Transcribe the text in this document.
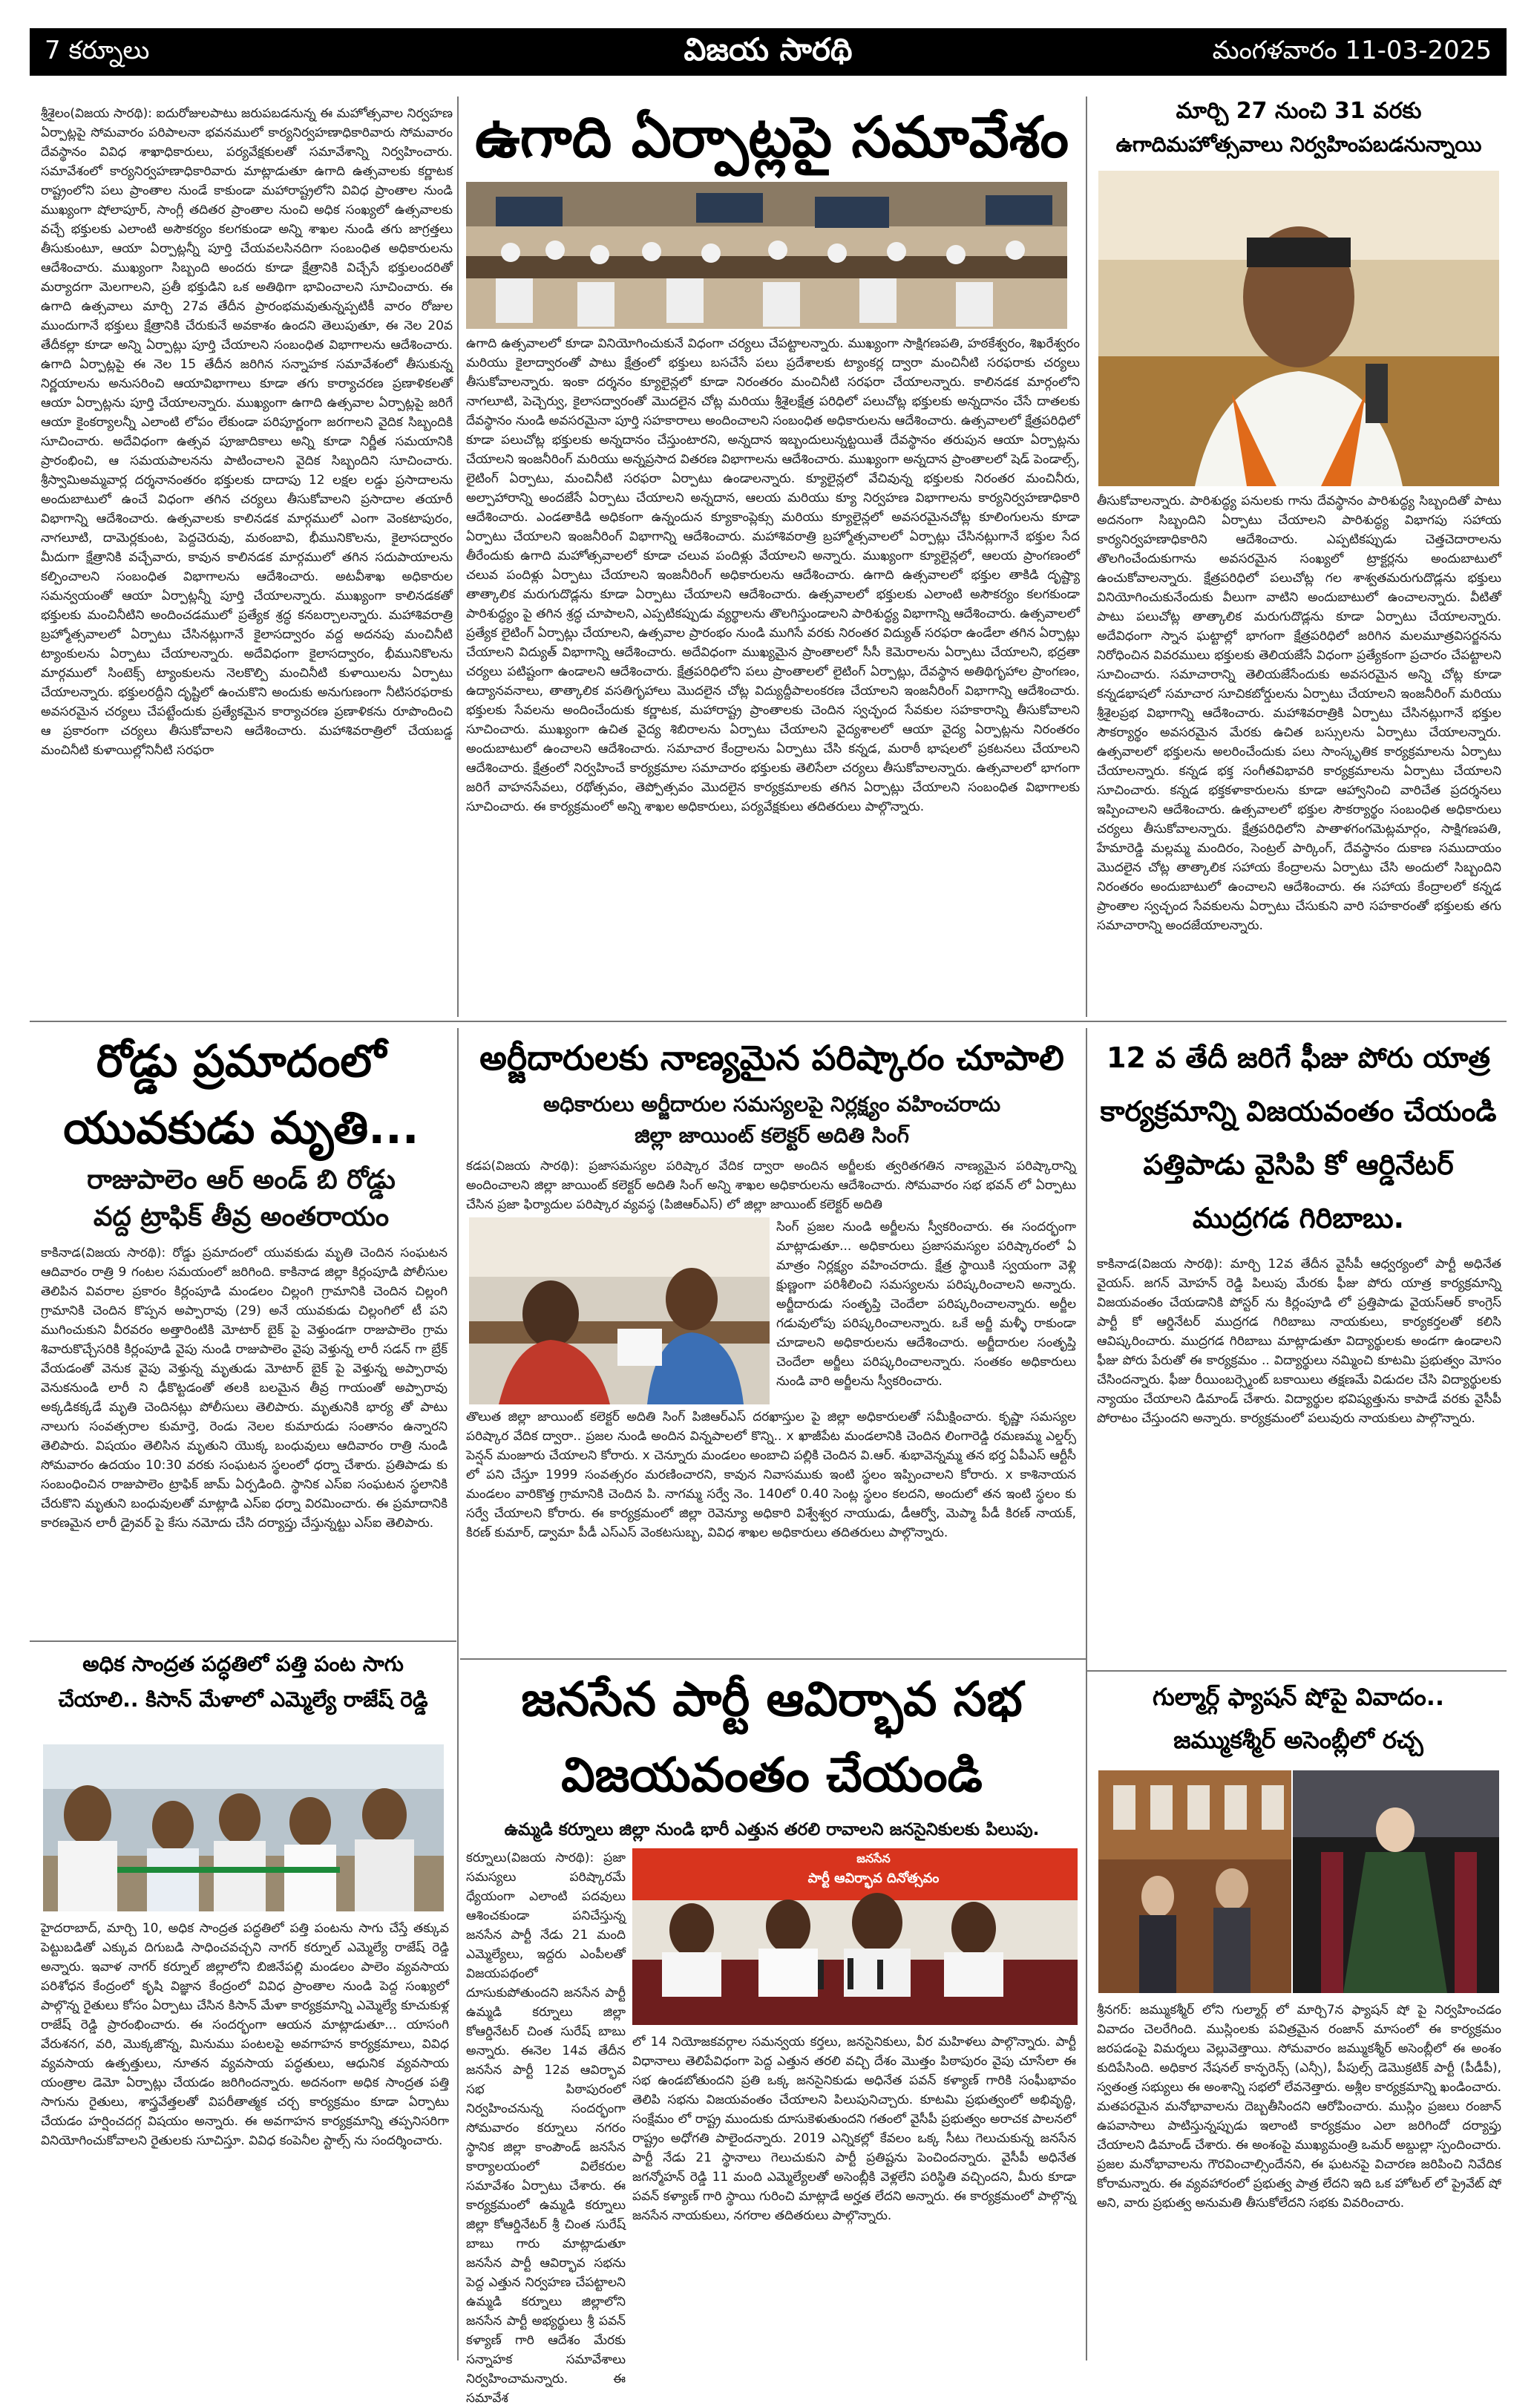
7 కర్నూలు	విజయ సారథి	మంగళవారం 11-03-2025
శ్రీశైలం(విజయ సారథి): ఐదురోజులపాటు జరుపబడనున్న ఈ మహోత్సవాల నిర్వహణ ఏర్పాట్లపై సోమవారం పరిపాలనా భవనములో కార్యనిర్వహణాధికారివారు సోమవారం దేవస్థానం వివిధ శాఖాధికారులు, పర్యవేక్షకులతో సమావేశాన్ని నిర్వహించారు. సమావేశంలో కార్యనిర్వహణాధికారివారు మాట్లాడుతూ ఉగాది ఉత్సవాలకు కర్ణాటక రాష్ట్రంలోని పలు ప్రాంతాల నుండే కాకుండా మహారాష్ట్రలోని వివిధ ప్రాంతాల నుండి ముఖ్యంగా షోలాపూర్, సాంగ్లీ తదితర ప్రాంతాల నుంచి అధిక సంఖ్యలో ఉత్సవాలకు వచ్చే భక్తులకు ఎలాంటి అసౌకర్యం కలగకుండా అన్ని శాఖల నుండి తగు జాగ్రత్తలు తీసుకుంటూ, ఆయా ఏర్పాట్లన్నీ పూర్తి చేయవలసినదిగా సంబంధిత అధికారులను ఆదేశించారు. ముఖ్యంగా సిబ్బంది అందరు కూడా క్షేత్రానికి విచ్చేసే భక్తులందరితో మర్యాదగా మెలగాలని, ప్రతీ భక్తుడిని ఒక అతిథిగా భావించాలని సూచించారు. ఈ ఉగాది ఉత్సవాలు మార్చి 27వ తేదీన ప్రారంభమవుతున్నప్పటికీ వారం రోజుల ముందుగానే భక్తులు క్షేత్రానికి చేరుకునే అవకాశం ఉందని తెలుపుతూ, ఈ నెల 20వ తేదీకల్లా కూడా అన్ని ఏర్పాట్లు పూర్తి చేయాలని సంబంధిత విభాగాలను ఆదేశించారు. ఉగాది ఏర్పాట్లపై ఈ నెల 15 తేదీన జరిగిన సన్నాహక సమావేశంలో తీసుకున్న నిర్ణయాలను అనుసరించి ఆయావిభాగాలు కూడా తగు కార్యాచరణ ప్రణాళికలతో ఆయా ఏర్పాట్లను పూర్తి చేయాలన్నారు. ముఖ్యంగా ఉగాది ఉత్సవాల ఏర్పాట్లపై జరిగే ఆయా కైంకర్యాలన్నీ ఎలాంటి లోపం లేకుండా పరిపూర్ణంగా జరగాలని వైదిక సిబ్బందికి సూచించారు. అదేవిధంగా ఉత్సవ పూజాదికాలు అన్ని కూడా నిర్ణీత సమయానికి ప్రారంభించి, ఆ సమయపాలనను పాటించాలని వైదిక సిబ్బందిని సూచించారు. శ్రీస్వామిఅమ్మవార్ల దర్శనానంతరం భక్తులకు దాదాపు 12 లక్షల లడ్డు ప్రసాదాలను అందుబాటులో ఉంచే విధంగా తగిన చర్యలు తీసుకోవాలని ప్రసాదాల తయారీ విభాగాన్ని ఆదేశించారు. ఉత్సవాలకు కాలినడక మార్గములో ఎంగా వెంకటాపురం, నాగలూటి, దామెర్లకుంట, పెద్దచెరువు, మఠంబావి, భీమునికొలను, కైలాసద్వారం మీదుగా క్షేత్రానికి వచ్చేవారు, కావున కాలినడక మార్గములో తగిన సదుపాయాలను కల్పించాలని సంబంధిత విభాగాలను ఆదేశించారు. అటవీశాఖ అధికారుల సమన్వయంతో ఆయా ఏర్పాట్లన్నీ పూర్తి చేయాలన్నారు. ముఖ్యంగా కాలినడకతో భక్తులకు మంచినీటిని అందించడములో ప్రత్యేక శ్రద్ధ కనబర్చాలన్నారు. మహాశివరాత్రి బ్రహ్మోత్సవాలలో ఏర్పాటు చేసినట్లుగానే కైలాసద్వారం వద్ద అదనపు మంచినీటి ట్యాంకులను ఏర్పాటు చేయాలన్నారు. అదేవిధంగా కైలాసద్వారం, భీమునికొలను మార్గములో సింటెక్స్ ట్యాంకులను నెలకొల్పి మంచినీటి కుళాయిలను ఏర్పాటు చేయాలన్నారు. భక్తులరద్దీని దృష్టిలో ఉంచుకొని అందుకు అనుగుణంగా నీటిసరఫరాకు అవసరమైన చర్యలు చేపట్టేందుకు ప్రత్యేకమైన కార్యాచరణ ప్రణాళికను రూపొందించి ఆ ప్రకారంగా చర్యలు తీసుకోవాలని ఆదేశించారు. మహాశివరాత్రిలో చేయబడ్డ మంచినీటి కుళాయిల్లోనినీటి సరఫరా
ఉగాది ఏర్పాట్లపై సమావేశం	మార్చి 27 నుంచి 31 వరకు
ఉగాదిమహోత్సవాలు నిర్వహింపబడనున్నాయి
ఉగాది ఉత్సవాలలో కూడా వినియోగించుకునే విధంగా చర్యలు చేపట్టాలన్నారు. ముఖ్యంగా సాక్షిగణపతి, హఠకేశ్వరం, శిఖరేశ్వరం మరియు కైలాద్వారంతో పాటు క్షేత్రంలో భక్తులు బసచేసే పలు ప్రదేశాలకు ట్యాంకర్ల ద్వారా మంచినీటి సరఫరాకు చర్యలు తీసుకోవాలన్నారు. ఇంకా దర్శనం క్యూలైన్లలో కూడా నిరంతరం మంచినీటి సరఫరా చేయాలన్నారు. కాలినడక మార్గంలోని నాగలూటి, పెచ్చెర్వు, కైలాసద్వారంతో మొదలైన చోట్ల మరియు శ్రీశైలక్షేత్ర పరిధిలో పలుచోట్ల భక్తులకు అన్నదానం చేసే దాతలకు దేవస్థానం నుండి అవసరమైనా పూర్తి సహకారాలు అందించాలని సంబంధిత అధికారులను ఆదేశించారు. ఉత్సవాలలో క్షేత్రపరిధిలో కూడా పలుచోట్ల భక్తులకు అన్నదానం చేస్తుంటారని, అన్నదాన ఇబ్బందులున్నట్టయితే దేవస్థానం తరుపున ఆయా ఏర్పాట్లను చేయాలని ఇంజనీరింగ్ మరియు అన్నప్రసాద వితరణ విభాగాలను ఆదేశించారు. ముఖ్యంగా అన్నదాన ప్రాంతాలలో షెడ్ పెండాల్స్, లైటింగ్ ఏర్పాటు, మంచినీటి సరఫరా ఏర్పాటు ఉండాలన్నారు. క్యూలైన్లలో వేచివున్న భక్తులకు నిరంతర మంచినీరు, అల్పాహారాన్ని అందజేసే ఏర్పాటు చేయాలని అన్నదాన, ఆలయ మరియు క్యూ నిర్వహణ విభాగాలను కార్యనిర్వహణాధికారి ఆదేశించారు. ఎండతాకిడి అధికంగా ఉన్నందున క్యూకాంప్లెక్సు మరియు క్యూలైన్లలో అవసరమైనచోట్ల కూలింగులను కూడా ఏర్పాటు చేయాలని ఇంజనీరింగ్ విభాగాన్ని ఆదేశించారు. మహాశివరాత్రి బ్రహ్మోత్సవాలలో ఏర్పాట్లు చేసినట్లుగానే భక్తుల సేద తీరేందుకు ఉగాది మహోత్సవాలలో కూడా చలువ పందిళ్లు వేయాలని అన్నారు. ముఖ్యంగా క్యూలైన్లలో, ఆలయ ప్రాంగణంలో చలువ పందిళ్లు ఏర్పాటు చేయాలని ఇంజనీరింగ్ అధికారులను ఆదేశించారు. ఉగాది ఉత్సవాలలో భక్తుల తాకిడి దృష్ట్యా తాత్కాలిక మరుగుదొడ్లను కూడా ఏర్పాటు చేయాలని ఆదేశించారు. ఉత్సవాలలో భక్తులకు ఎలాంటి అసౌకర్యం కలగకుండా పారిశుద్ధ్యం పై తగిన శ్రద్ధ చూపాలని, ఎప్పటికప్పుడు వ్యర్థాలను తొలగిస్తుండాలని పారిశుద్ధ్య విభాగాన్ని ఆదేశించారు. ఉత్సవాలలో ప్రత్యేక లైటింగ్ ఏర్పాట్లు చేయాలని, ఉత్సవాల ప్రారంభం నుండి ముగిసే వరకు నిరంతర విద్యుత్ సరఫరా ఉండేలా తగిన ఏర్పాట్లు చేయాలని విద్యుత్ విభాగాన్ని ఆదేశించారు. అదేవిధంగా ముఖ్యమైన ప్రాంతాలలో సీసీ కెమెరాలను ఏర్పాటు చేయాలని, భద్రతా చర్యలు పటిష్టంగా ఉండాలని ఆదేశించారు. క్షేత్రపరిధిలోని పలు ప్రాంతాలలో లైటింగ్ ఏర్పాట్లు, దేవస్థాన అతిథిగృహాల ప్రాంగణం, ఉద్యానవనాలు, తాత్కాలిక వసతిగృహాలు మొదలైన చోట్ల విద్యుద్దీపాలంకరణ చేయాలని ఇంజనీరింగ్ విభాగాన్ని ఆదేశించారు. భక్తులకు సేవలను అందించేందుకు కర్ణాటక, మహారాష్ట్ర ప్రాంతాలకు చెందిన స్వచ్ఛంద సేవకుల సహకారాన్ని తీసుకోవాలని సూచించారు. ముఖ్యంగా ఉచిత వైద్య శిబిరాలను ఏర్పాటు చేయాలని వైద్యశాలలో ఆయా వైద్య ఏర్పాట్లను నిరంతరం అందుబాటులో ఉంచాలని ఆదేశించారు. సమాచార కేంద్రాలను ఏర్పాటు చేసి కన్నడ, మరాఠీ భాషలలో ప్రకటనలు చేయాలని ఆదేశించారు. క్షేత్రంలో నిర్వహించే కార్యక్రమాల సమాచారం భక్తులకు తెలిసేలా చర్యలు తీసుకోవాలన్నారు. ఉత్సవాలలో భాగంగా జరిగే వాహనసేవలు, రథోత్సవం, తెప్పోత్సవం మొదలైన కార్యక్రమాలకు తగిన ఏర్పాట్లు చేయాలని సంబంధిత విభాగాలకు సూచించారు. ఈ కార్యక్రమంలో అన్ని శాఖల అధికారులు, పర్యవేక్షకులు తదితరులు పాల్గొన్నారు.
తీసుకోవాలన్నారు. పారిశుద్ధ్య పనులకు గాను దేవస్థానం పారిశుద్ధ్య సిబ్బందితో పాటు అదనంగా సిబ్బందిని ఏర్పాటు చేయాలని పారిశుద్ధ్య విభాగపు సహాయ కార్యనిర్వహణాధికారిని ఆదేశించారు. ఎప్పటికప్పుడు చెత్తచెదారాలను తొలగించేందుకుగాను అవసరమైన సంఖ్యలో ట్రాక్టర్లను అందుబాటులో ఉంచుకోవాలన్నారు. క్షేత్రపరిధిలో పలుచోట్ల గల శాశ్వతమరుగుదొడ్లను భక్తులు వినియోగించుకునేందుకు వీలుగా వాటిని అందుబాటులో ఉంచాలన్నారు. వీటితో పాటు పలుచోట్ల తాత్కాలిక మరుగుదొడ్లను కూడా ఏర్పాటు చేయాలన్నారు. అదేవిధంగా స్నాన ఘట్టాల్లో భాగంగా క్షేత్రపరిధిలో జరిగిన మలమూత్రవిసర్జనను నిరోధించిన వివరములు భక్తులకు తెలియజేసే విధంగా ప్రత్యేకంగా ప్రచారం చేపట్టాలని సూచించారు. సమాచారాన్ని తెలియజేసేందుకు అవసరమైన అన్ని చోట్ల కూడా కన్నడభాషలో సమాచార సూచికబోర్డులను ఏర్పాటు చేయాలని ఇంజనీరింగ్ మరియు శ్రీశైలప్రభ విభాగాన్ని ఆదేశించారు. మహాశివరాత్రికి ఏర్పాటు చేసినట్లుగానే భక్తుల సౌకర్యార్థం అవసరమైన మేరకు ఉచిత బస్సులను ఏర్పాటు చేయాలన్నారు. ఉత్సవాలలో భక్తులను అలరించేందుకు పలు సాంస్కృతిక కార్యక్రమాలను ఏర్పాటు చేయాలన్నారు. కన్నడ భక్త సంగీతవిభావరి కార్యక్రమాలను ఏర్పాటు చేయాలని సూచించారు. కన్నడ భక్తకళాకారులను కూడా ఆహ్వానించి వారిచేత ప్రదర్శనలు ఇప్పించాలని ఆదేశించారు. ఉత్సవాలలో భక్తుల సౌకర్యార్థం సంబంధిత అధికారులు చర్యలు తీసుకోవాలన్నారు. క్షేత్రపరిధిలోని పాతాళగంగమెట్లమార్గం, సాక్షిగణపతి, హేమారెడ్డి మల్లమ్మ మందిరం, సెంట్రల్ పార్కింగ్, దేవస్థానం దుకాణ సముదాయం మొదలైన చోట్ల తాత్కాలిక సహాయ కేంద్రాలను ఏర్పాటు చేసి అందులో సిబ్బందిని నిరంతరం అందుబాటులో ఉంచాలని ఆదేశించారు. ఈ సహాయ కేంద్రాలలో కన్నడ ప్రాంతాల స్వచ్ఛంద సేవకులను ఏర్పాటు చేసుకుని వారి సహకారంతో భక్తులకు తగు సమాచారాన్ని అందజేయాలన్నారు.
రోడ్డు ప్రమాదంలో
యువకుడు మృతి...
రాజుపాలెం ఆర్ అండ్ బి రోడ్డు
వద్ద ట్రాఫిక్ తీవ్ర అంతరాయం
కాకినాడ(విజయ సారథి): రోడ్డు ప్రమాదంలో యువకుడు మృతి చెందిన సంఘటన ఆదివారం రాత్రి 9 గంటల సమయంలో జరిగింది. కాకినాడ జిల్లా కిర్లంపూడి పోలీసుల తెలిపిన వివరాల ప్రకారం కిర్లంపూడి మండలం చిల్లంగి గ్రామానికి చెందిన చిల్లంగి గ్రామానికి చెందిన కొప్పన అప్పారావు (29) అనే యువకుడు చిల్లంగిలో టీ పని ముగించుకుని వీరవరం అత్తారింటికి మోటార్ బైక్ పై వెళ్తుండగా రాజుపాలెం గ్రామ శివారుకొచ్చేసరికి కిర్లంపూడి వైపు నుండి రాజుపాలెం వైపు వెళ్తున్న లారీ సడన్ గా బ్రేక్ వేయడంతో వెనుక వైపు వెళ్తున్న మృతుడు మోటార్ బైక్ పై వెళ్తున్న అప్పారావు వెనుకనుండి లారీ ని ఢీకొట్టడంతో తలకి బలమైన తీవ్ర గాయంతో అప్పారావు అక్కడికక్కడే మృతి చెందినట్లు పోలీసులు తెలిపారు. మృతునికి భార్య తో పాటు నాలుగు సంవత్సరాల కుమార్తె, రెండు నెలల కుమారుడు సంతానం ఉన్నారని తెలిపారు. విషయం తెలిసిన మృతుని యొక్క బంధువులు ఆదివారం రాత్రి నుండి సోమవారం ఉదయం 10:30 వరకు సంఘటన స్థలంలో ధర్నా చేశారు. ప్రతిపాడు కు సంబంధించిన రాజుపాలెం ట్రాఫిక్ జామ్ ఏర్పడింది. స్థానిక ఎస్ఐ సంఘటన స్థలానికి చేరుకొని మృతుని బంధువులతో మాట్లాడి ఎస్ఐ ధర్నా విరమించారు. ఈ ప్రమాదానికి కారణమైన లారీ డ్రైవర్ పై కేసు నమోదు చేసి దర్యాప్తు చేస్తున్నట్టు ఎస్ఐ తెలిపారు.
అధిక సాంద్రత పద్ధతిలో పత్తి పంట సాగు
చేయాలి.. కిసాన్ మేళాలో ఎమ్మెల్యే రాజేష్ రెడ్డి
హైదరాబాద్, మార్చి 10, అధిక సాంద్రత పద్ధతిలో పత్తి పంటను సాగు చేస్తే తక్కువ పెట్టుబడితో ఎక్కువ దిగుబడి సాధించవచ్చని నాగర్ కర్నూల్ ఎమ్మెల్యే రాజేష్ రెడ్డి అన్నారు. ఇవాళ నాగర్ కర్నూల్ జిల్లాలోని బిజినేపల్లి మండలం పాలెం వ్యవసాయ పరిశోధన కేంద్రంలో కృషి విజ్ఞాన కేంద్రంలో వివిధ ప్రాంతాల నుండి పెద్ద సంఖ్యలో పాల్గొన్న రైతులు కోసం ఏర్పాటు చేసిన కిసాన్ మేళా కార్యక్రమాన్ని ఎమ్మెల్యే కూచుకుళ్ల రాజేష్ రెడ్డి ప్రారంభించారు. ఈ సందర్భంగా ఆయన మాట్లాడుతూ... యాసంగి వేరుశనగ, వరి, మొక్కజొన్న, మినుము పంటలపై అవగాహన కార్యక్రమాలు, వివిధ వ్యవసాయ ఉత్పత్తులు, నూతన వ్యవసాయ పద్ధతులు, ఆధునిక వ్యవసాయ యంత్రాల డెమో ఏర్పాట్లు చేయడం జరిగిందన్నారు. అదనంగా అధిక సాంద్రత పత్తి సాగును రైతులు, శాస్త్రవేత్తలతో విపరీతాత్మక చర్చ కార్యక్రమం కూడా ఏర్పాటు చేయడం హర్షించదగ్గ విషయం అన్నారు. ఈ అవగాహన కార్యక్రమాన్ని తప్పనిసరిగా వినియోగించుకోవాలని రైతులకు సూచిస్తూ. వివిధ కంపెనీల స్టాల్స్ ను సందర్శించారు.
అర్జీదారులకు నాణ్యమైన పరిష్కారం చూపాలి
అధికారులు అర్జీదారుల సమస్యలపై నిర్లక్ష్యం వహించరాదు
జిల్లా జాయింట్ కలెక్టర్ అదితి సింగ్
కడప(విజయ సారథి): ప్రజాసమస్యల పరిష్కార వేదిక ద్వారా అందిన అర్జీలకు త్వరితగతిన నాణ్యమైన పరిష్కారాన్ని అందించాలని జిల్లా జాయింట్ కలెక్టర్ అదితి సింగ్ అన్ని శాఖల అధికారులను ఆదేశించారు. సోమవారం సభ భవన్ లో ఏర్పాటు చేసిన ప్రజా ఫిర్యాదుల పరిష్కార వ్యవస్థ (పిజిఆర్ఎస్) లో జిల్లా జాయింట్ కలెక్టర్ అదితి
సింగ్ ప్రజల నుండి అర్జీలను స్వీకరించారు. ఈ సందర్భంగా మాట్లాడుతూ... అధికారులు ప్రజాసమస్యల పరిష్కారంలో ఏ మాత్రం నిర్లక్ష్యం వహించరాదు. క్షేత్ర స్థాయికి స్వయంగా వెళ్లి క్షుణ్ణంగా పరిశీలించి సమస్యలను పరిష్కరించాలని అన్నారు. అర్జీదారుడు సంతృప్తి చెందేలా పరిష్కరించాలన్నారు. అర్జీల గడువులోపు పరిష్కరించాలన్నారు. ఒకే అర్జీ మళ్ళీ రాకుండా చూడాలని అధికారులను ఆదేశించారు. అర్జీదారుల సంతృప్తి చెందేలా అర్జీలు పరిష్కరించాలన్నారు. సంతకం అధికారులు నుండి వారి అర్జీలను స్వీకరించారు.
తొలుత జిల్లా జాయింట్ కలెక్టర్ అదితి సింగ్ పిజిఆర్ఎస్ దరఖాస్తుల పై జిల్లా అధికారులతో సమీక్షించారు. కృష్ణా సమస్యల పరిష్కార వేదిక ద్వారా.. ప్రజల నుండి అందిన విన్నపాలలో కొన్ని.. x ఖాజీపేట మండలానికి చెందిన లింగారెడ్డి రమణమ్మ ఎల్డర్స్ పెన్షన్ మంజూరు చేయాలని కోరారు. x చెన్నూరు మండలం అంబాచి పల్లికి చెందిన వి.ఆర్. శుభావెన్నమ్మ తన భర్త ఏపీఎస్ ఆర్టీసీ లో పని చేస్తూ 1999 సంవత్సరం మరణించారని, కావున నివాసముకు ఇంటి స్థలం ఇప్పించాలని కోరారు. x కాశినాయన మండలం వారికొత్త గ్రామానికి చెందిన పి. నాగమ్మ సర్వే నెం. 140లో 0.40 సెంట్ల స్థలం కలదని, అందులో తన ఇంటి స్థలం కు సర్వే చేయాలని కోరారు. ఈ కార్యక్రమంలో జిల్లా రెవెన్యూ అధికారి విశ్వేశ్వర నాయుడు, డీఆర్వో, మెప్మా పీడీ కిరణ్ నాయక్, కిరణ్ కుమార్, డ్వామా పీడీ ఎస్ఎస్ వెంకటసుబ్బ, వివిధ శాఖల అధికారులు తదితరులు పాల్గొన్నారు.
జనసేన పార్టీ ఆవిర్భావ సభ
విజయవంతం చేయండి
ఉమ్మడి కర్నూలు జిల్లా నుండి భారీ ఎత్తున తరలి రావాలని జనసైనికులకు పిలుపు.
కర్నూలు(విజయ సారథి): ప్రజా సమస్యలు పరిష్కారమే ధ్యేయంగా ఎలాంటి పదవులు ఆశించకుండా పనిచేస్తున్న జనసేన పార్టీ నేడు 21 మంది ఎమ్మెల్యేలు, ఇద్దరు ఎంపీలతో విజయపథంలో దూసుకుపోతుందని జనసేన పార్టీ ఉమ్మడి కర్నూలు జిల్లా కోఆర్డినేటర్ చింత సురేష్ బాబు అన్నారు. ఈనెల 14వ తేదీన జనసేన పార్టీ 12వ ఆవిర్భావ సభ పిఠాపురంలో నిర్వహించనున్న సందర్భంగా సోమవారం కర్నూలు నగరం స్థానిక జిల్లా కాంపౌండ్ జనసేన కార్యాలయంలో విలేకరుల సమావేశం ఏర్పాటు చేశారు. ఈ కార్యక్రమంలో ఉమ్మడి కర్నూలు జిల్లా కోఆర్డినేటర్ శ్రీ చింత సురేష్ బాబు గారు మాట్లాడుతూ జనసేన పార్టీ ఆవిర్భావ సభను పెద్ద ఎత్తున నిర్వహణ చేపట్టాలని ఉమ్మడి కర్నూలు జిల్లాలోని జనసేన పార్టీ అభ్యర్థులు శ్రీ పవన్ కళ్యాణ్ గారి ఆదేశం మేరకు సన్నాహక సమావేశాలు నిర్వహించామన్నారు. ఈ సమావేశ
జనసేన
పార్టీ ఆవిర్భావ దినోత్సవం
లో 14 నియోజకవర్గాల సమన్వయ కర్తలు, జనసైనికులు, వీర మహిళలు పాల్గొన్నారు. పార్టీ విధానాలు తెలిపేవిధంగా పెద్ద ఎత్తున తరలి వచ్చి దేశం మొత్తం పిఠాపురం వైపు చూసేలా ఈ సభ ఉండబోతుందని ప్రతి ఒక్క జనసైనికుడు అధినేత పవన్ కళ్యాణ్ గారికి సంఘీభావం తెలిపి సభను విజయవంతం చేయాలని పిలుపునిచ్చారు. కూటమి ప్రభుత్వంలో అభివృద్ధి, సంక్షేమం లో రాష్ట్ర ముందుకు దూసుకెళుతుందని గతంలో వైసీపీ ప్రభుత్వం అరాచక పాలనలో రాష్ట్రం అధోగతి పాలైందన్నారు. 2019 ఎన్నికల్లో కేవలం ఒక్క సీటు గెలుచుకున్న జనసేన పార్టీ నేడు 21 స్థానాలు గెలుచుకుని పార్టీ ప్రతిష్టను పెంచిందన్నారు. వైసీపీ అధినేత జగన్మోహన్ రెడ్డి 11 మంది ఎమ్మెల్యేలతో అసెంబ్లీకి వెళ్లలేని పరిస్థితి వచ్చిందని, మీరు కూడా పవన్ కళ్యాణ్ గారి స్థాయి గురించి మాట్లాడే అర్హత లేదని అన్నారు. ఈ కార్యక్రమంలో పాల్గొన్న జనసేన నాయకులు, నగరాల తదితరులు పాల్గొన్నారు.
12 వ తేదీ జరిగే ఫీజు పోరు యాత్ర
కార్యక్రమాన్ని విజయవంతం చేయండి
పత్తిపాడు వైసిపి కో ఆర్డినేటర్
ముద్రగడ గిరిబాబు.
కాకినాడ(విజయ సారథి): మార్చి 12వ తేదీన వైసీపీ ఆధ్వర్యంలో పార్టీ అధినేత వైయస్. జగన్ మోహన్ రెడ్డి పిలుపు మేరకు ఫీజు పోరు యాత్ర కార్యక్రమాన్ని విజయవంతం చేయడానికి పోస్టర్ ను కిర్లంపూడి లో ప్రత్తిపాడు వైయస్ఆర్ కాంగ్రెస్ పార్టీ కో ఆర్డినేటర్ ముద్రగడ గిరిబాబు నాయకులు, కార్యకర్తలతో కలిసి ఆవిష్కరించారు. ముద్రగడ గిరిబాబు మాట్లాడుతూ విద్యార్థులకు అండగా ఉండాలని ఫీజు పోరు పేరుతో ఈ కార్యక్రమం .. విద్యార్థులు నమ్మించి కూటమి ప్రభుత్వం మోసం చేసిందన్నారు. ఫీజు రీయింబర్స్మెంట్ బకాయిలు తక్షణమే విడుదల చేసి విద్యార్థులకు న్యాయం చేయాలని డిమాండ్ చేశారు. విద్యార్థుల భవిష్యత్తును కాపాడే వరకు వైసీపీ పోరాటం చేస్తుందని అన్నారు. కార్యక్రమంలో పలువురు నాయకులు పాల్గొన్నారు.
గుల్మార్గ్ ఫ్యాషన్ షోపై వివాదం..
జమ్ముకశ్మీర్ అసెంబ్లీలో రచ్చ
శ్రీనగర్: జమ్ముకశ్మీర్ లోని గుల్మార్గ్ లో మార్చి7న ఫ్యాషన్ షో పై నిర్వహించడం వివాదం చెలరేగింది. ముస్లింలకు పవిత్రమైన రంజాన్ మాసంలో ఈ కార్యక్రమం జరపడంపై విమర్శలు వెల్లువెత్తాయి. సోమవారం జమ్ముకశ్మీర్ అసెంబ్లీలో ఈ అంశం కుదిపేసింది. అధికార నేషనల్ కాన్ఫరెన్స్ (ఎన్సీ), పీపుల్స్ డెమొక్రటిక్ పార్టీ (పీడీపీ), స్వతంత్ర సభ్యులు ఈ అంశాన్ని సభలో లేవనెత్తారు. అశ్లీల కార్యక్రమాన్ని ఖండించారు. మతపరమైన మనోభావాలను దెబ్బతీసిందని ఆరోపించారు. ముస్లిం ప్రజలు రంజాన్ ఉపవాసాలు పాటిస్తున్నప్పుడు ఇలాంటి కార్యక్రమం ఎలా జరిగిందో దర్యాప్తు చేయాలని డిమాండ్ చేశారు. ఈ అంశంపై ముఖ్యమంత్రి ఒమర్ అబ్దుల్లా స్పందించారు. ప్రజల మనోభావాలను గౌరవించాల్సిందేనని, ఈ ఘటనపై విచారణ జరిపించి నివేదిక కోరామన్నారు. ఈ వ్యవహారంలో ప్రభుత్వ పాత్ర లేదని ఇది ఒక హోటల్ లో ప్రైవేట్ షో అని, వారు ప్రభుత్వ అనుమతి తీసుకోలేదని సభకు వివరించారు.
